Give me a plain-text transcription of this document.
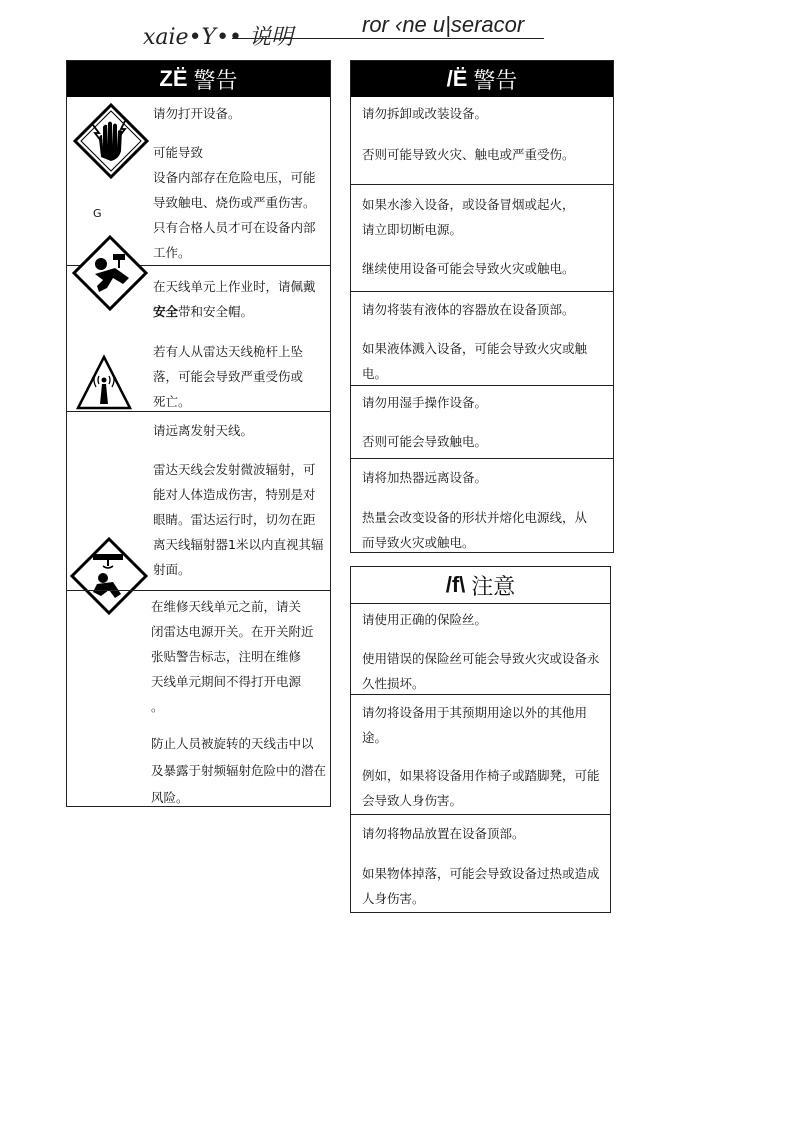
xaie•Y•• 说明
ror ‹ne u|seracor
ZË 警告
G
请勿打开设备。
可能导致
设备内部存在危险电压，可能
导致触电、烧伤或严重伤害。
只有合格人员才可在设备内部
工作。
在天线单元上作业时，请佩戴
安全带和安全帽。
若有人从雷达天线桅杆上坠
落，可能会导致严重受伤或
死亡。
请远离发射天线。
雷达天线会发射微波辐射，可
能对人体造成伤害，特别是对
眼睛。雷达运行时，切勿在距
离天线辐射器1米以内直视其辐
射面。
在维修天线单元之前，请关
闭雷达电源开关。在开关附近
张贴警告标志，注明在维修
天线单元期间不得打开电源
。
防止人员被旋转的天线击中以
及暴露于射频辐射危险中的潜在
风险。
/Ë 警告
请勿拆卸或改装设备。
否则可能导致火灾、触电或严重受伤。
如果水渗入设备，或设备冒烟或起火，
请立即切断电源。
继续使用设备可能会导致火灾或触电。
请勿将装有液体的容器放在设备顶部。
如果液体溅入设备，可能会导致火灾或触
电。
请勿用湿手操作设备。
否则可能会导致触电。
请将加热器远离设备。
热量会改变设备的形状并熔化电源线，从
而导致火灾或触电。
/f\ 注意
请使用正确的保险丝。
使用错误的保险丝可能会导致火灾或设备永
久性损坏。
请勿将设备用于其预期用途以外的其他用
途。
例如，如果将设备用作椅子或踏脚凳，可能
会导致人身伤害。
请勿将物品放置在设备顶部。
如果物体掉落，可能会导致设备过热或造成
人身伤害。
